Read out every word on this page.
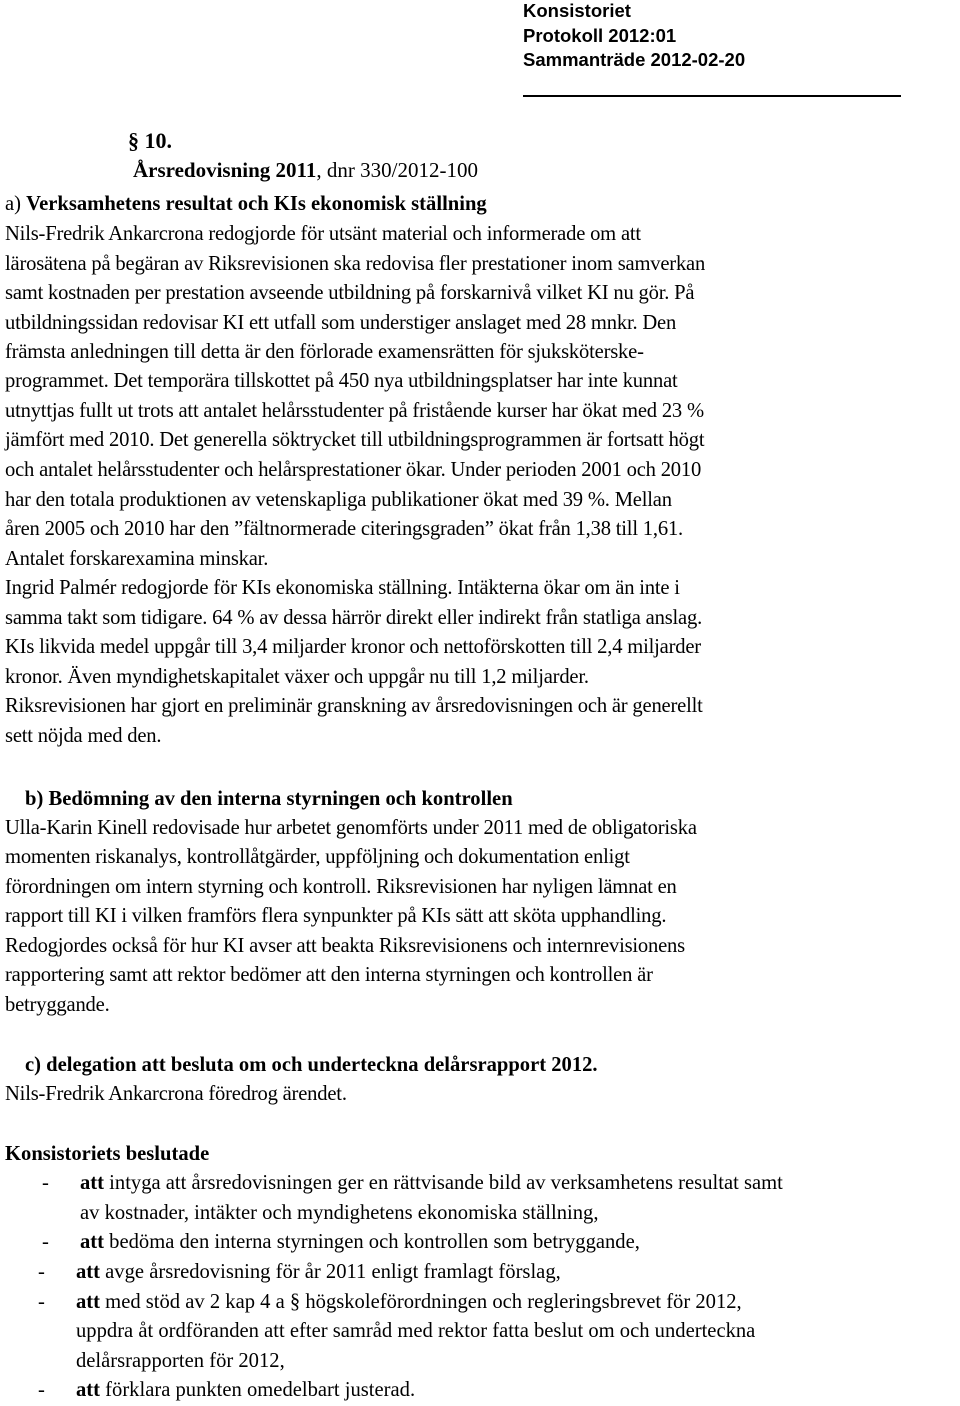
Konsistoriet
Protokoll 2012:01
Sammanträde 2012-02-20
§ 10.
Årsredovisning 2011, dnr 330/2012-100
a) Verksamhetens resultat och KIs ekonomisk ställning
Nils-Fredrik Ankarcrona redogjorde för utsänt material och informerade om att
lärosätena på begäran av Riksrevisionen ska redovisa fler prestationer inom samverkan
samt kostnaden per prestation avseende utbildning på forskarnivå vilket KI nu gör. På
utbildningssidan redovisar KI ett utfall som understiger anslaget med 28 mnkr. Den
främsta anledningen till detta är den förlorade examensrätten för sjuksköterske-
programmet. Det temporära tillskottet på 450 nya utbildningsplatser har inte kunnat
utnyttjas fullt ut trots att antalet helårsstudenter på fristående kurser har ökat med 23 %
jämfört med 2010. Det generella söktrycket till utbildningsprogrammen är fortsatt högt
och antalet helårsstudenter och helårsprestationer ökar. Under perioden 2001 och 2010
har den totala produktionen av vetenskapliga publikationer ökat med 39 %. Mellan
åren 2005 och 2010 har den ”fältnormerade citeringsgraden” ökat från 1,38 till 1,61.
Antalet forskarexamina minskar.
Ingrid Palmér redogjorde för KIs ekonomiska ställning. Intäkterna ökar om än inte i
samma takt som tidigare. 64 % av dessa härrör direkt eller indirekt från statliga anslag.
KIs likvida medel uppgår till 3,4 miljarder kronor och nettoförskotten till 2,4 miljarder
kronor. Även myndighetskapitalet växer och uppgår nu till 1,2 miljarder.
Riksrevisionen har gjort en preliminär granskning av årsredovisningen och är generellt
sett nöjda med den.
b) Bedömning av den interna styrningen och kontrollen
Ulla-Karin Kinell redovisade hur arbetet genomförts under 2011 med de obligatoriska
momenten riskanalys, kontrollåtgärder, uppföljning och dokumentation enligt
förordningen om intern styrning och kontroll. Riksrevisionen har nyligen lämnat en
rapport till KI i vilken framförs flera synpunkter på KIs sätt att sköta upphandling.
Redogjordes också för hur KI avser att beakta Riksrevisionens och internrevisionens
rapportering samt att rektor bedömer att den interna styrningen och kontrollen är
betryggande.
c) delegation att besluta om och underteckna delårsrapport 2012.
Nils-Fredrik Ankarcrona föredrog ärendet.
Konsistoriets beslutade
- att intyga att årsredovisningen ger en rättvisande bild av verksamhetens resultat samt
av kostnader, intäkter och myndighetens ekonomiska ställning,
- att bedöma den interna styrningen och kontrollen som betryggande,
- att avge årsredovisning för år 2011 enligt framlagt förslag,
- att med stöd av 2 kap 4 a § högskoleförordningen och regleringsbrevet för 2012,
uppdra åt ordföranden att efter samråd med rektor fatta beslut om och underteckna
delårsrapporten för 2012,
- att förklara punkten omedelbart justerad.
